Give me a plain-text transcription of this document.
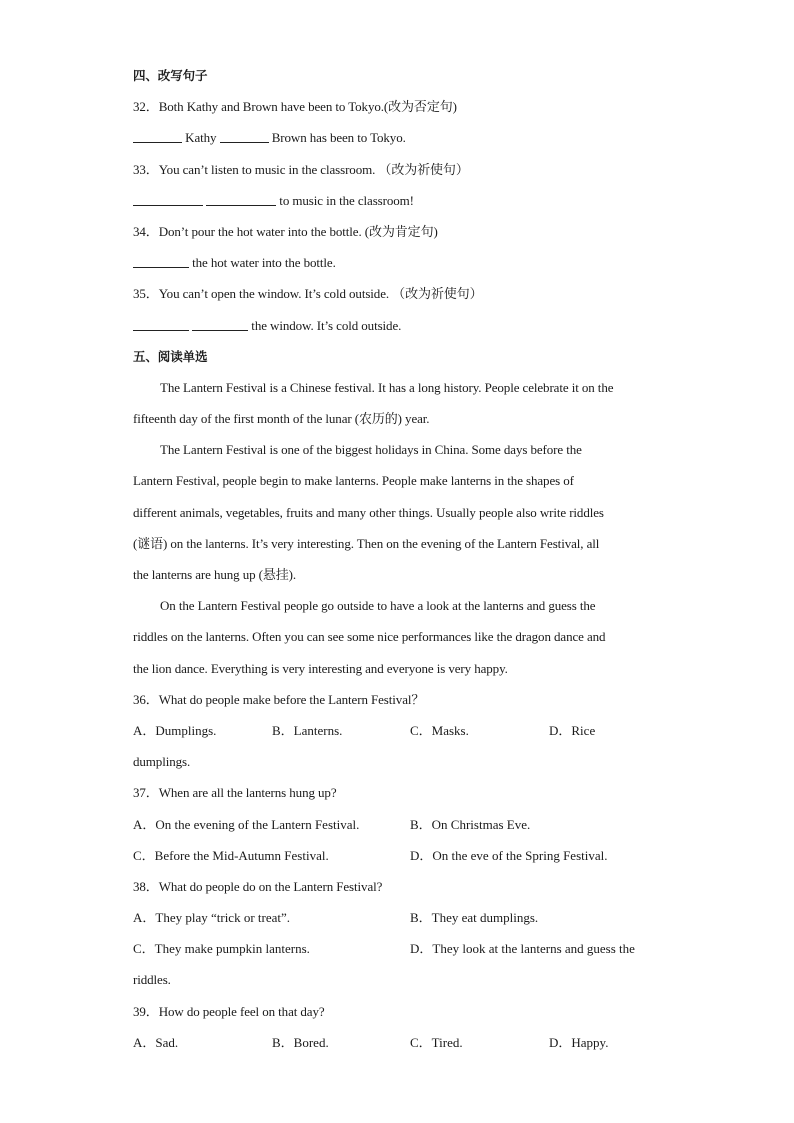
四、改写句子
32．Both Kathy and Brown have been to Tokyo.(改为否定句)
Kathy	Brown has been to Tokyo.
33．You can’t listen to music in the classroom. （改为祈使句）
to music in the classroom!
34．Don’t pour the hot water into the bottle. (改为肯定句)
the hot water into the bottle.
35．You can’t open the window. It’s cold outside. （改为祈使句）
the window. It’s cold outside.
五、阅读单选
The Lantern Festival is a Chinese festival. It has a long history. People celebrate it on the
fifteenth day of the first month of the lunar (农历的) year.
The Lantern Festival is one of the biggest holidays in China. Some days before the
Lantern Festival, people begin to make lanterns. People make lanterns in the shapes of
different animals, vegetables, fruits and many other things. Usually people also write riddles
(谜语) on the lanterns. It’s very interesting. Then on the evening of the Lantern Festival, all
the lanterns are hung up (悬挂).
On the Lantern Festival people go outside to have a look at the lanterns and guess the
riddles on the lanterns. Often you can see some nice performances like the dragon dance and
the lion dance. Everything is very interesting and everyone is very happy.
36．What do people make before the Lantern Festival？
A．Dumplings.	B．Lanterns.	C．Masks.	D．Rice
dumplings.
37．When are all the lanterns hung up?
A．On the evening of the Lantern Festival.	B．On Christmas Eve.
C．Before the Mid-Autumn Festival.	D．On the eve of the Spring Festival.
38．What do people do on the Lantern Festival?
A．They play “trick or treat”.	B．They eat dumplings.
C．They make pumpkin lanterns.	D．They look at the lanterns and guess the
riddles.
39．How do people feel on that day?
A．Sad.	B．Bored.	C．Tired.	D．Happy.
